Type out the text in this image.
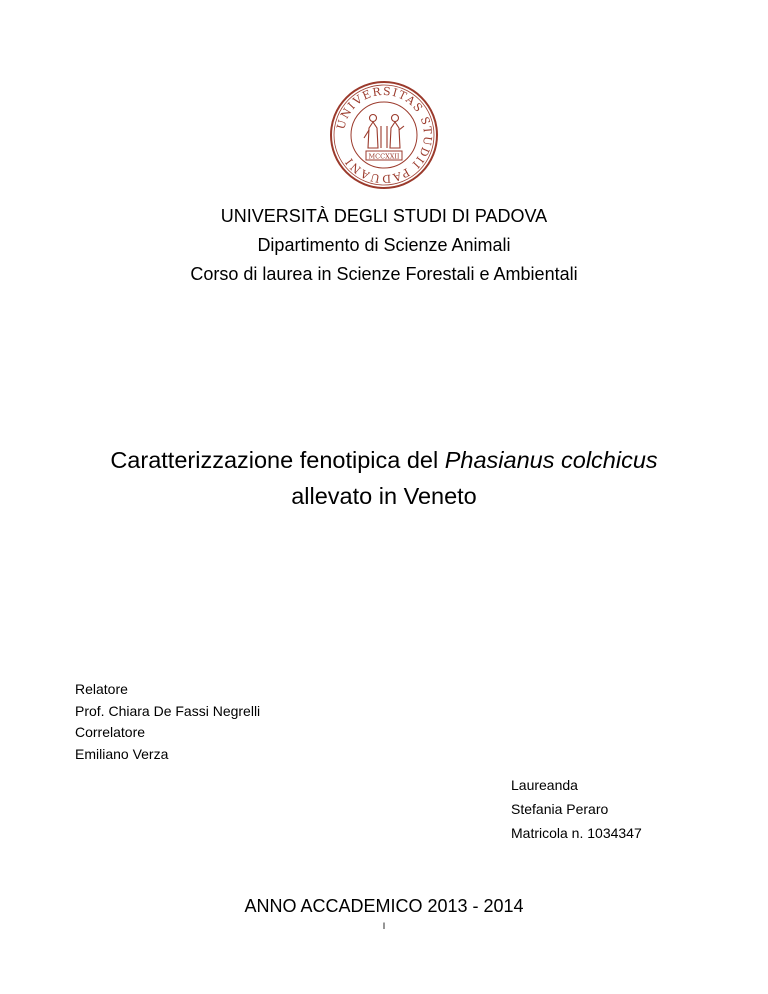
UNIVERSITAS STUDII PADUANI	MCCXXII
UNIVERSITÀ DEGLI STUDI DI PADOVA
Dipartimento di Scienze Animali
Corso di laurea in Scienze Forestali e Ambientali
Caratterizzazione fenotipica del Phasianus colchicus
allevato in Veneto
Relatore
Prof. Chiara De Fassi Negrelli
Correlatore
Emiliano Verza
Laureanda
Stefania Peraro
Matricola n. 1034347
ANNO ACCADEMICO 2013 - 2014
I
